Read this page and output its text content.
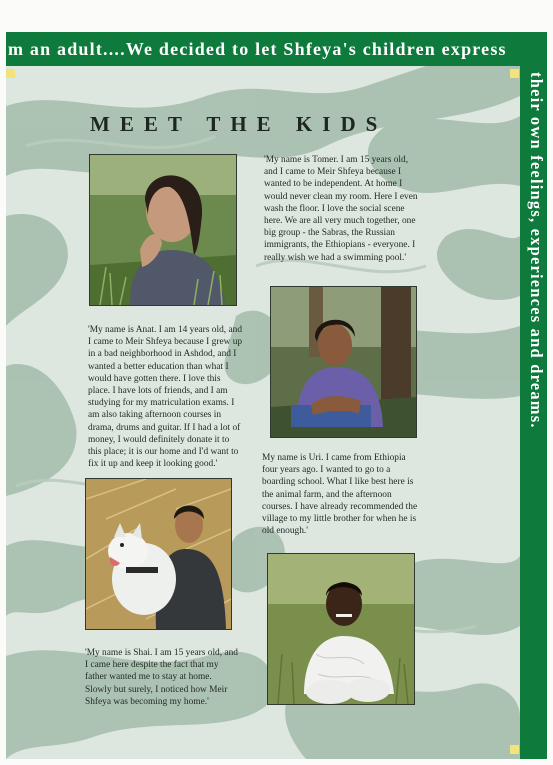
m an adult....We decided to let Shfeya's children express
their own feelings, experiences and dreams.
MEET THE KIDS

'My name is Tomer. I am 15 years old, and I came to Meir Shfeya because I wanted to be independent. At home I would never clean my room. Here I even wash the floor. I love the social scene here. We are all very much together, one big group - the Sabras, the Russian immigrants, the Ethiopians - everyone. I really wish we had a swimming pool.'

'My name is Anat. I am 14 years old, and I came to Meir Shfeya because I grew up in a bad neighborhood in Ashdod, and I wanted a better education than what I would have gotten there. I love this place. I have lots of friends, and I am studying for my matriculation exams. I am also taking afternoon courses in drama, drums and guitar. If I had a lot of money, I would definitely donate it to this place; it is our home and I'd want to fix it up and keep it looking good.'

My name is Uri. I came from Ethiopia four years ago. I wanted to go to a boarding school. What I like best here is the animal farm, and the afternoon courses. I have already recommended the village to my little brother for when he is old enough.'

'My name is Shai. I am 15 years old, and I came here despite the fact that my father wanted me to stay at home. Slowly but surely, I noticed how Meir Shfeya was becoming my home.'
